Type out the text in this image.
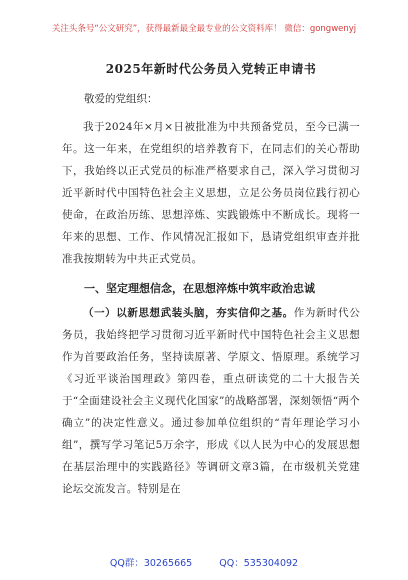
关注头条号“公文研究”，获得最新最全最专业的公文资料库！ 微信：gongwenyj
2025年新时代公务员入党转正申请书
敬爱的党组织：

我于2024年×月×日被批准为中共预备党员，至今已满一年。这一年来，在党组织的培养教育下，在同志们的关心帮助下，我始终以正式党员的标准严格要求自己，深入学习贯彻习近平新时代中国特色社会主义思想，立足公务员岗位践行初心使命，在政治历练、思想淬炼、实践锻炼中不断成长。现将一年来的思想、工作、作风情况汇报如下，恳请党组织审查并批准我按期转为中共正式党员。

一、坚定理想信念，在思想淬炼中筑牢政治忠诚

（一）以新思想武装头脑，夯实信仰之基。作为新时代公务员，我始终把学习贯彻习近平新时代中国特色社会主义思想作为首要政治任务，坚持读原著、学原文、悟原理。系统学习《习近平谈治国理政》第四卷，重点研读党的二十大报告关于“全面建设社会主义现代化国家”的战略部署，深刻领悟“两个确立”的决定性意义。通过参加单位组织的“青年理论学习小组”，撰写学习笔记5万余字，形成《以人民为中心的发展思想在基层治理中的实践路径》等调研文章3篇，在市级机关党建论坛交流发言。特别是在

QQ群：30265665	QQ：535304092
